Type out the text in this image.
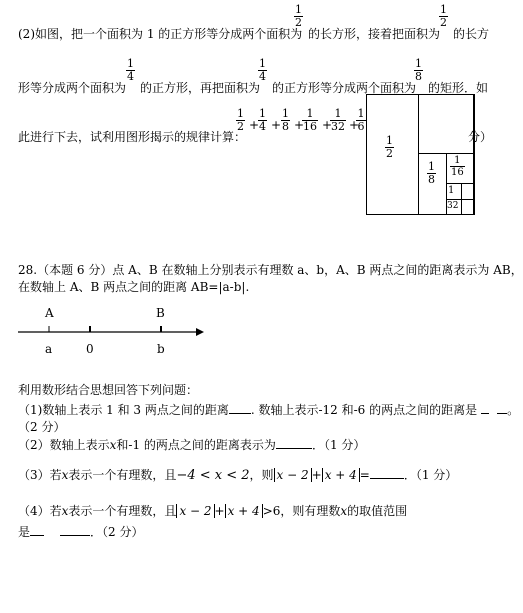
(2)如图，把一个面积为 1 的正方形等分成两个面积为
1
2
的长方形，接着把面积为
1
2
的长方
形等分成两个面积为
1
4
的正方形，再把面积为
1
4
的正方形等分成两个面积为
1
8
的矩形．如
此进行下去，试利用图形揭示的规律计算：
1
2 +
1
4 +
1
8 +
1
16 +
1
32 +
1
6
分）
1
2
1
8
1
16
1
32
28.（本题 6 分）点 A、B 在数轴上分别表示有理数 a、b，A、B 两点之间的距离表示为 AB，
在数轴上 A、B 两点之间的距离 AB=|a-b|.
A	B
a	0	b
利用数形结合思想回答下列问题：
（1)数轴上表示 1 和 3 两点之间的距离 . 数轴上表示-12 和-6 的两点之间的距离是	。
（2 分）
（2）数轴上表示x和-1 的两点之间的距离表示为	．（1 分）
（3）若x表示一个有理数，且−4 < x < 2，则 x − 2 + x + 4 =	．（1 分）
（4）若x表示一个有理数，且 x − 2 + x + 4 >6，则有理数x的取值范围
是	．（2 分）
